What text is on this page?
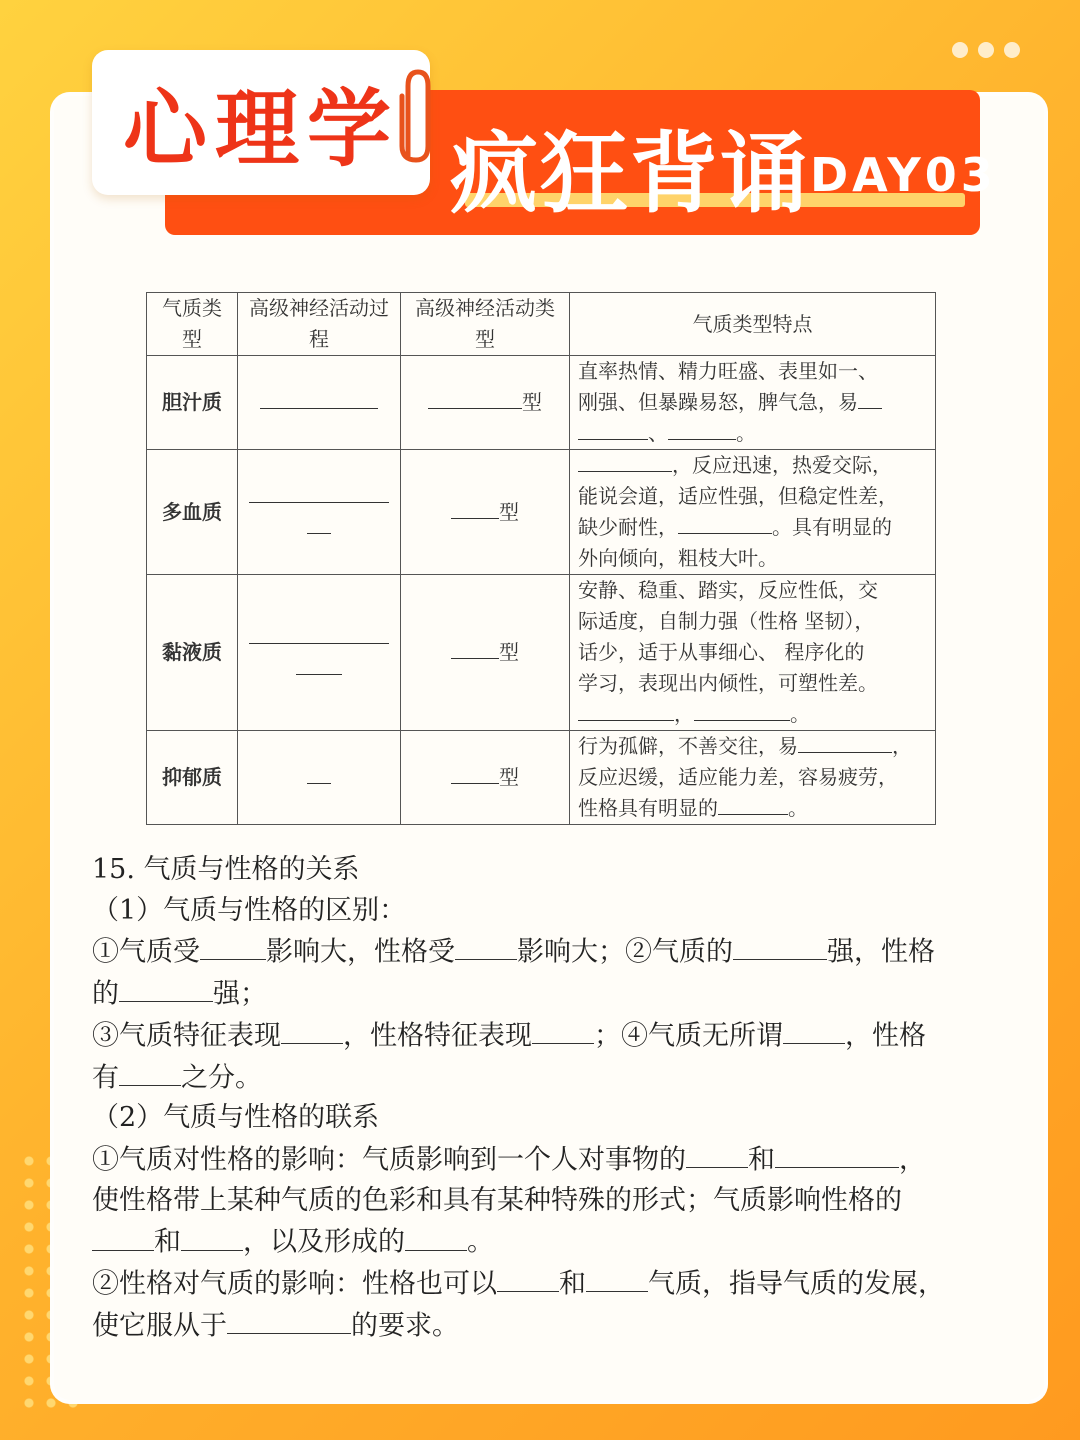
疯狂背诵 DAY03
心理学
气质类型	高级神经活动过程	高级神经活动类型	气质类型特点
胆汁质		型	直率热情、精力旺盛、表里如一、
刚强、但暴躁易怒，脾气急，易
、 。

多血质		型	，反应迅速，热爱交际，
能说会道，适应性强，但稳定性差，
缺少耐性， 。具有明显的
外向倾向，粗枝大叶。

黏液质		型	安静、稳重、踏实，反应性低，交
际适度，自制力强（性格 坚韧），
话少，适于从事细心、 程序化的
学习，表现出内倾性，可塑性差。
， 。

抑郁质		型	行为孤僻，不善交往，易 ，
反应迟缓，适应能力差，容易疲劳，
性格具有明显的 。

15. 气质与性格的关系

（1）气质与性格的区别：

①气质受 影响大，性格受 影响大；②气质的	强，性格

的	强；

③气质特征表现 ，性格特征表现 ；④气质无所谓 ，性格

有 之分。

（2）气质与性格的联系

①气质对性格的影响：气质影响到一个人对事物的 和	，

使性格带上某种气质的色彩和具有某种特殊的形式；气质影响性格的

和 ，以及形成的 。

②性格对气质的影响：性格也可以 和 气质，指导气质的发展，

使它服从于	的要求。
